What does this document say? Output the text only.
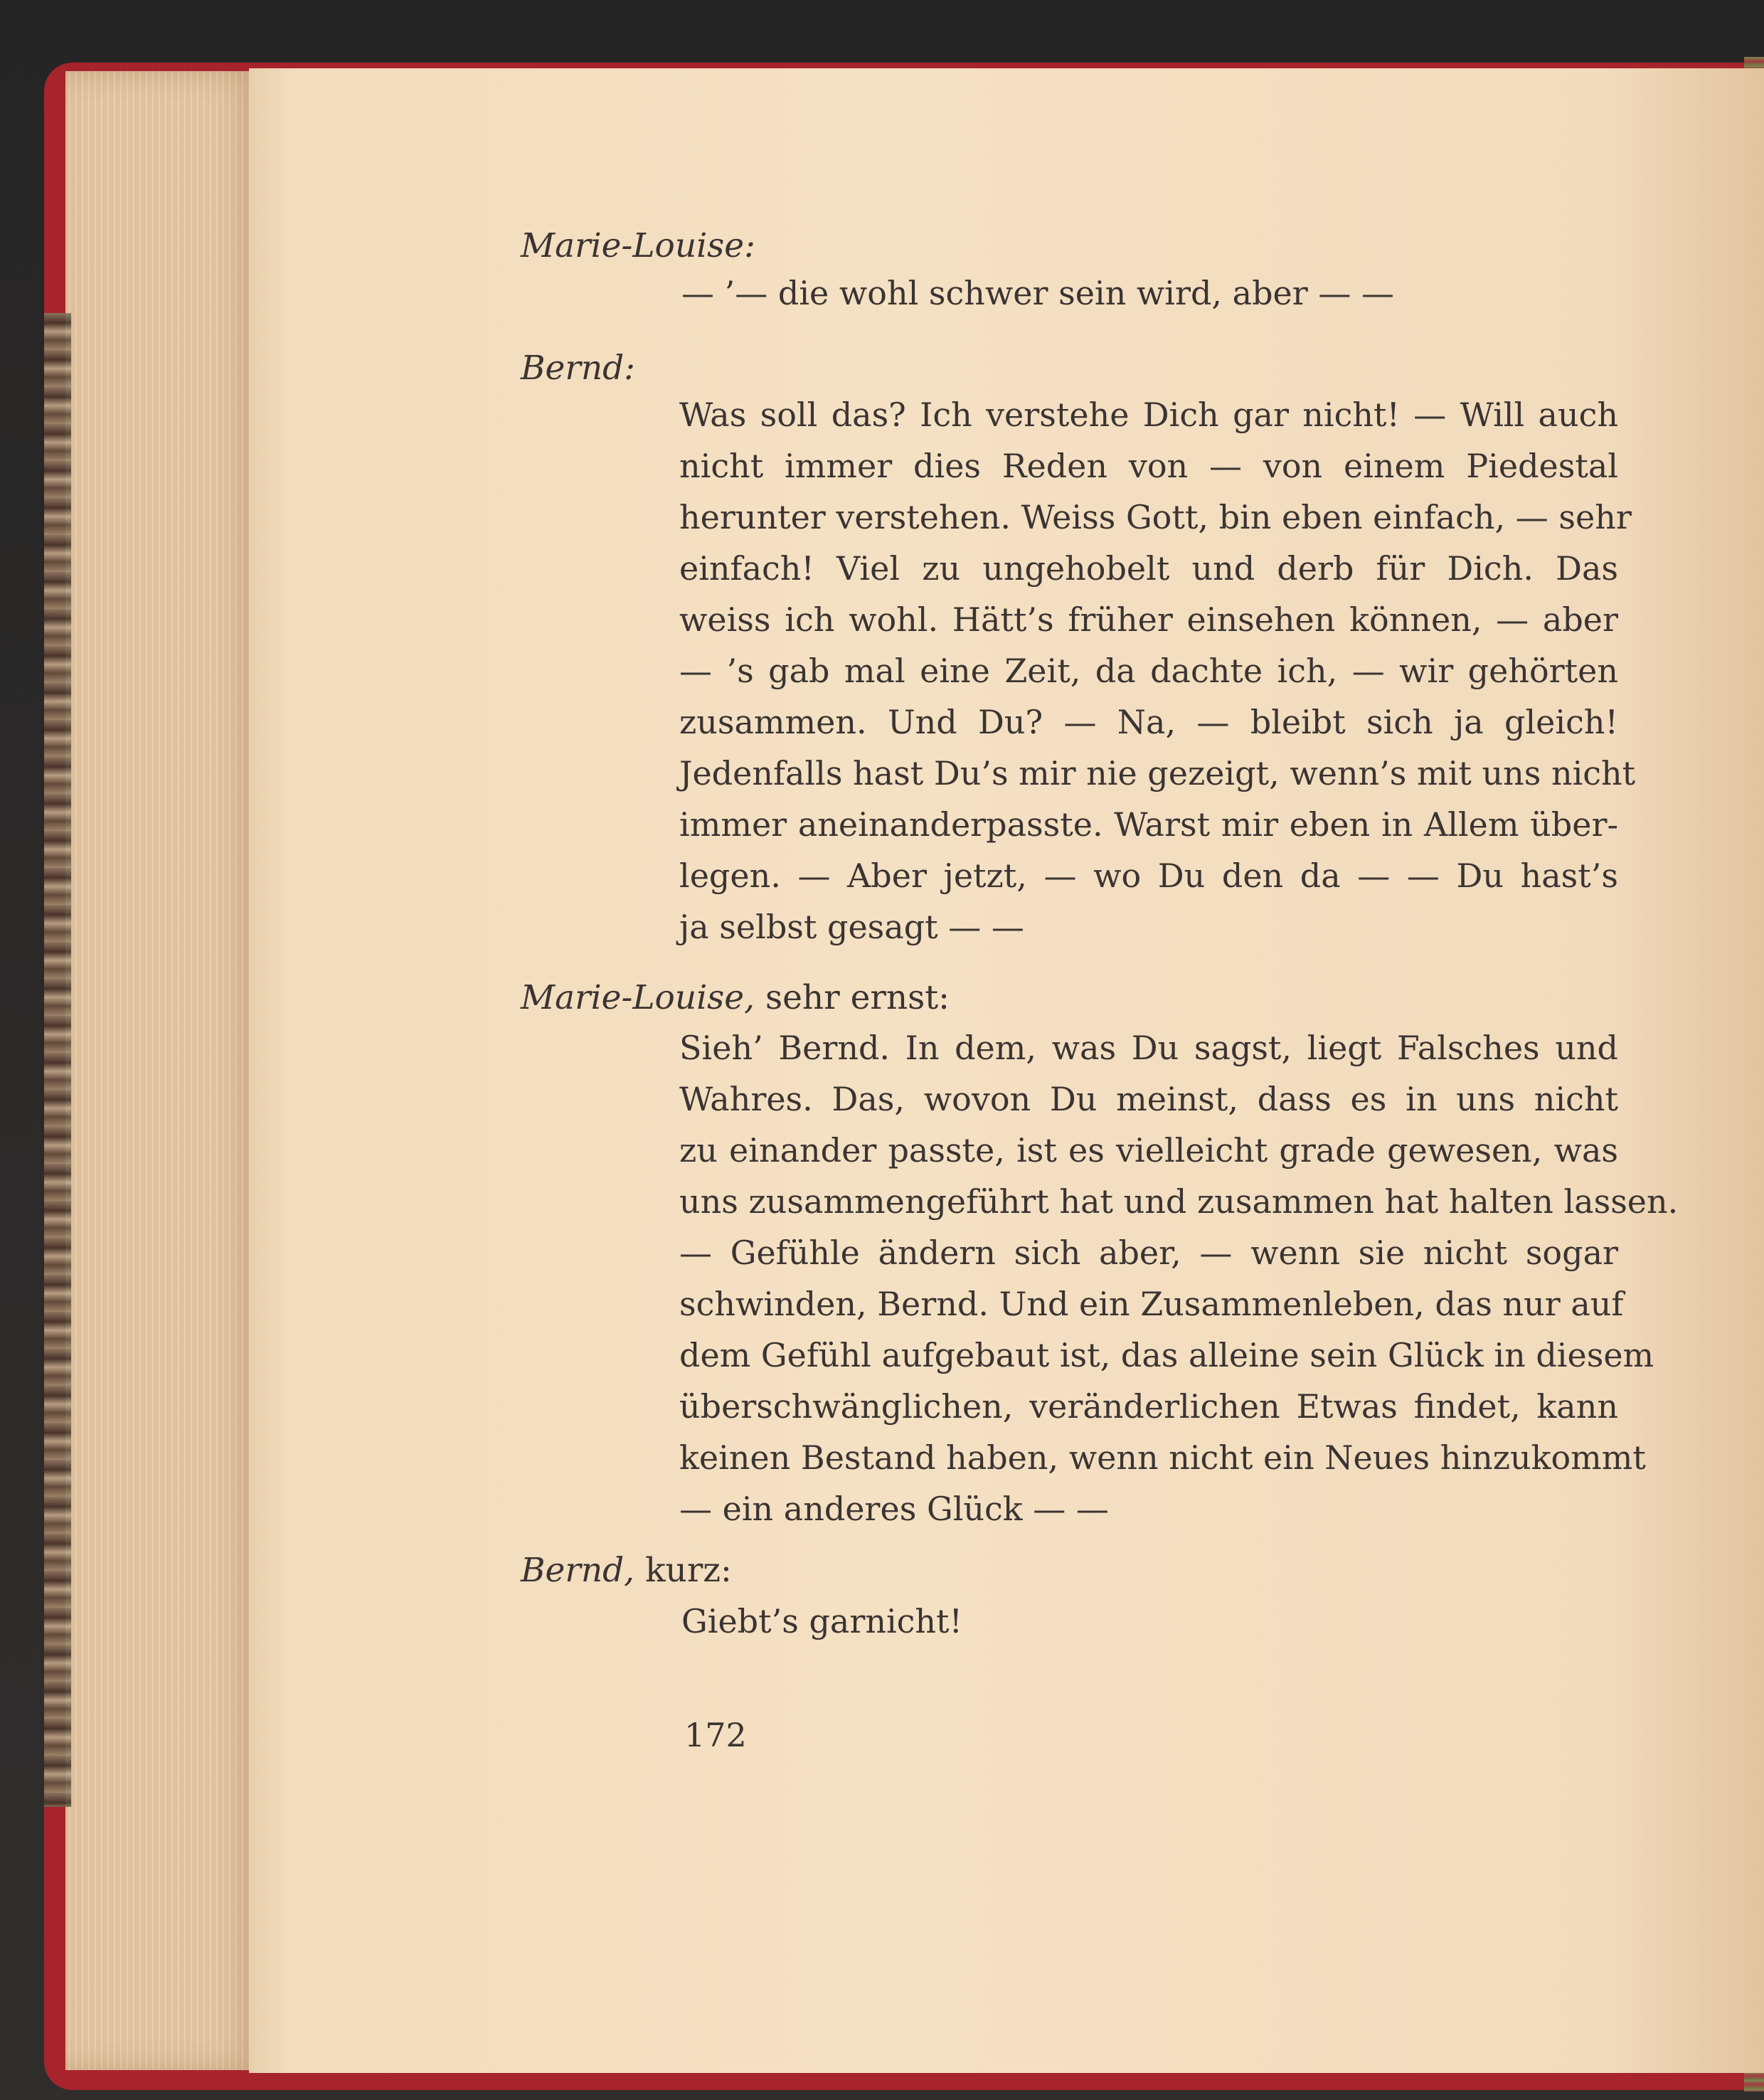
Marie-Louise:
— ’— die wohl schwer sein wird, aber — —
Bernd:
Was soll das? Ich verstehe Dich gar nicht! — Will auch
nicht immer dies Reden von — von einem Piedestal
herunter verstehen. Weiss Gott, bin eben einfach, — sehr
einfach! Viel zu ungehobelt und derb für Dich. Das
weiss ich wohl. Hätt’s früher einsehen können, — aber
— ’s gab mal eine Zeit, da dachte ich, — wir gehörten
zusammen. Und Du? — Na, — bleibt sich ja gleich!
Jedenfalls hast Du’s mir nie gezeigt, wenn’s mit uns nicht
immer aneinanderpasste. Warst mir eben in Allem über-
legen. — Aber jetzt, — wo Du den da — — Du hast’s
ja selbst gesagt — —
Marie-Louise, sehr ernst:
Sieh’ Bernd. In dem, was Du sagst, liegt Falsches und
Wahres. Das, wovon Du meinst, dass es in uns nicht
zu einander passte, ist es vielleicht grade gewesen, was
uns zusammengeführt hat und zusammen hat halten lassen.
— Gefühle ändern sich aber, — wenn sie nicht sogar
schwinden, Bernd. Und ein Zusammenleben, das nur auf
dem Gefühl aufgebaut ist, das alleine sein Glück in diesem
überschwänglichen, veränderlichen Etwas findet, kann
keinen Bestand haben, wenn nicht ein Neues hinzukommt
— ein anderes Glück — —
Bernd, kurz:
Giebt’s garnicht!
172
